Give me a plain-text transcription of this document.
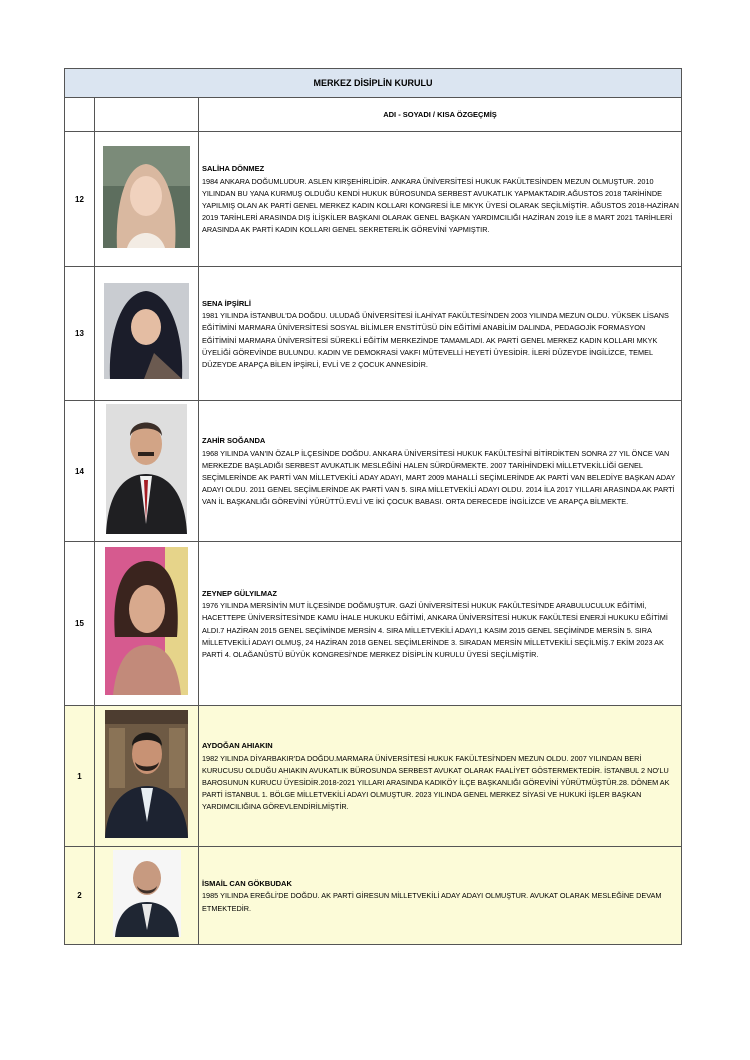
MERKEZ DİSİPLİN KURULU		
		ADI - SOYADI / KISA ÖZGEÇMİŞ
12		SALİHA DÖNMEZ
1984 ANKARA DOĞUMLUDUR. ASLEN KIRŞEHİRLİDİR. ANKARA ÜNİVERSİTESİ HUKUK FAKÜLTESİNDEN MEZUN OLMUŞTUR. 2010 YILINDAN BU YANA KURMUŞ OLDUĞU KENDİ HUKUK BÜROSUNDA SERBEST AVUKATLIK YAPMAKTADIR.AĞUSTOS 2018 TARİHİNDE YAPILMIŞ OLAN AK PARTİ GENEL MERKEZ KADIN KOLLARI KONGRESİ İLE MKYK ÜYESİ OLARAK SEÇİLMİŞTİR. AĞUSTOS 2018-HAZİRAN 2019 TARİHLERİ ARASINDA DIŞ İLİŞKİLER BAŞKANI OLARAK GENEL BAŞKAN YARDIMCILIĞI HAZİRAN 2019 İLE 8 MART 2021 TARİHLERİ ARASINDA AK PARTİ KADIN KOLLARI GENEL SEKRETERLİK GÖREVİNİ YAPMIŞTIR.

13		SENA İPŞİRLİ
1981 YILINDA İSTANBUL'DA DOĞDU. ULUDAĞ ÜNİVERSİTESİ İLAHİYAT FAKÜLTESİ'NDEN 2003 YILINDA MEZUN OLDU. YÜKSEK LİSANS EĞİTİMİNİ MARMARA ÜNİVERSİTESİ SOSYAL BİLİMLER ENSTİTÜSÜ DİN EĞİTİMİ ANABİLİM DALINDA, PEDAGOJİK FORMASYON EĞİTİMİNİ MARMARA ÜNİVERSİTESİ SÜREKLİ EĞİTİM MERKEZİNDE TAMAMLADI. AK PARTİ GENEL MERKEZ KADIN KOLLARI MKYK ÜYELİĞİ GÖREVİNDE BULUNDU. KADIN VE DEMOKRASİ VAKFI MÜTEVELLİ HEYETİ ÜYESİDİR. İLERİ DÜZEYDE İNGİLİZCE, TEMEL DÜZEYDE ARAPÇA BİLEN İPŞİRLİ, EVLİ VE 2 ÇOCUK ANNESİDİR.

14		ZAHİR SOĞANDA
1968 YILINDA VAN'IN ÖZALP İLÇESİNDE DOĞDU. ANKARA ÜNİVERSİTESİ HUKUK FAKÜLTESİ'Nİ BİTİRDİKTEN SONRA 27 YIL ÖNCE VAN MERKEZDE BAŞLADIĞI SERBEST AVUKATLIK MESLEĞİNİ HALEN SÜRDÜRMEKTE. 2007 TARİHİNDEKİ MİLLETVEKİLLİĞİ GENEL SEÇİMLERİNDE AK PARTİ VAN MİLLETVEKİLİ ADAY ADAYI, MART 2009 MAHALLİ SEÇİMLERİNDE AK PARTİ VAN BELEDİYE BAŞKAN ADAY ADAYI OLDU. 2011 GENEL SEÇİMLERİNDE AK PARTİ VAN 5. SIRA MİLLETVEKİLİ ADAYI OLDU. 2014 İLA 2017 YILLARI ARASINDA AK PARTİ VAN İL BAŞKANLIĞI GÖREVİNİ YÜRÜTTÜ.EVLİ VE İKİ ÇOCUK BABASI. ORTA DERECEDE İNGİLİZCE VE ARAPÇA BİLMEKTE.

15		ZEYNEP GÜLYILMAZ
1976 YILINDA MERSİN'İN MUT İLÇESİNDE DOĞMUŞTUR. GAZİ ÜNİVERSİTESİ HUKUK FAKÜLTESİ'NDE ARABULUCULUK EĞİTİMİ, HACETTEPE ÜNİVERSİTESİ'NDE KAMU İHALE HUKUKU EĞİTİMİ, ANKARA ÜNİVERSİTESİ HUKUK FAKÜLTESİ ENERJİ HUKUKU EĞİTİMİ ALDI.7 HAZİRAN 2015 GENEL SEÇİMİNDE MERSİN 4. SIRA MİLLETVEKİLİ ADAYI,1 KASIM 2015 GENEL SEÇİMİNDE MERSİN 5. SIRA MİLLETVEKİLİ ADAYI OLMUŞ, 24 HAZİRAN 2018 GENEL SEÇİMLERİNDE 3. SIRADAN MERSİN MİLLETVEKİLİ SEÇİLMİŞ.7 EKİM 2023 AK PARTİ 4. OLAĞANÜSTÜ BÜYÜK KONGRESİ'NDE MERKEZ DİSİPLİN KURULU ÜYESİ SEÇİLMİŞTİR.

1		AYDOĞAN AHIAKIN
1982 YILINDA DİYARBAKIR'DA DOĞDU.MARMARA ÜNİVERSİTESİ HUKUK FAKÜLTESİ'NDEN MEZUN OLDU. 2007 YILINDAN BERİ KURUCUSU OLDUĞU AHIAKIN AVUKATLIK BÜROSUNDA SERBEST AVUKAT OLARAK FAALİYET GÖSTERMEKTEDİR. İSTANBUL 2 NO'LU BAROSUNUN KURUCU ÜYESİDİR.2018-2021 YILLARI ARASINDA KADIKÖY İLÇE BAŞKANLIĞI GÖREVİNİ YÜRÜTMÜŞTÜR.28. DÖNEM AK PARTİ İSTANBUL 1. BÖLGE MİLLETVEKİLİ ADAYI OLMUŞTUR. 2023 YILINDA GENEL MERKEZ SİYASİ VE HUKUKİ İŞLER BAŞKAN YARDIMCILIĞINA GÖREVLENDİRİLMİŞTİR.

2		İSMAİL CAN GÖKBUDAK
1985 YILINDA EREĞLİ'DE DOĞDU. AK PARTİ GİRESUN MİLLETVEKİLİ ADAY ADAYI OLMUŞTUR. AVUKAT OLARAK MESLEĞİNE DEVAM ETMEKTEDİR.
